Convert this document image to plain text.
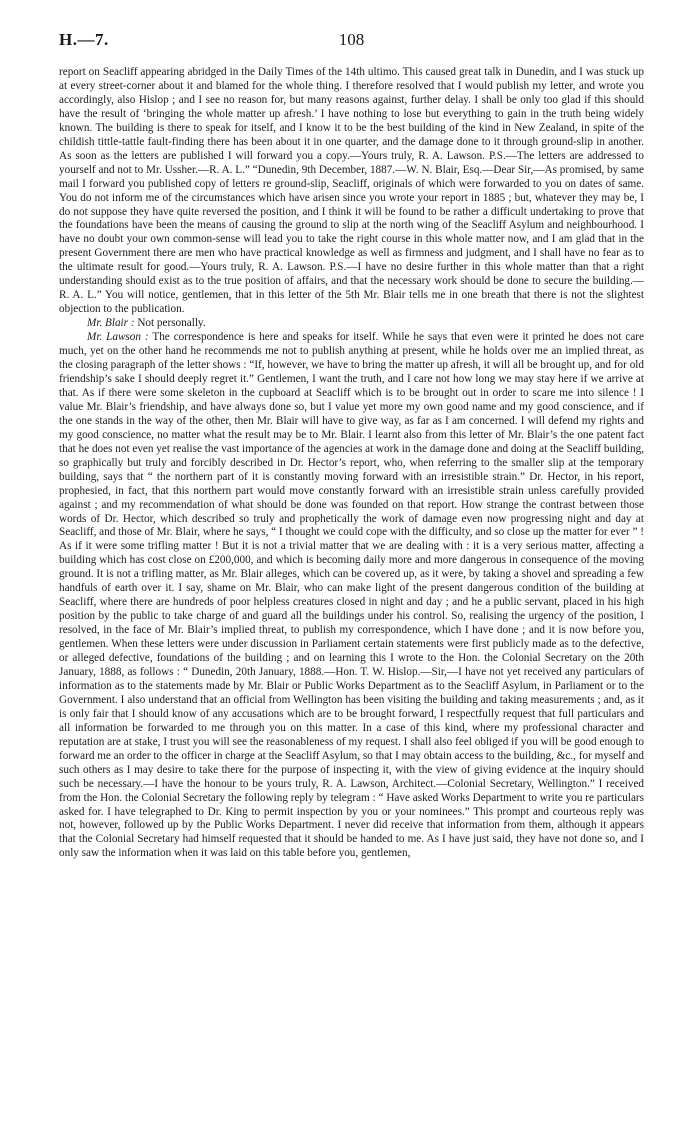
H.—7.	108

report on Seacliff appearing abridged in the Daily Times of the 14th ultimo. This caused great talk in Dunedin, and I was stuck up at every street-corner about it and blamed for the whole thing. I therefore resolved that I would publish my letter, and wrote you accordingly, also Hislop ; and I see no reason for, but many reasons against, further delay. I shall be only too glad if this should have the result of ‘bringing the whole matter up afresh.’ I have nothing to lose but everything to gain in the truth being widely known. The building is there to speak for itself, and I know it to be the best building of the kind in New Zealand, in spite of the childish tittle-tattle fault-finding there has been about it in one quarter, and the damage done to it through ground-slip in another. As soon as the letters are published I will forward you a copy.—Yours truly, R. A. Lawson. P.S.—The letters are addressed to yourself and not to Mr. Ussher.—R. A. L.” “Dunedin, 9th December, 1887.—W. N. Blair, Esq.—Dear Sir,—As promised, by same mail I forward you published copy of letters re ground-slip, Seacliff, originals of which were forwarded to you on dates of same. You do not inform me of the circumstances which have arisen since you wrote your report in 1885 ; but, whatever they may be, I do not suppose they have quite reversed the position, and I think it will be found to be rather a difficult undertaking to prove that the foundations have been the means of causing the ground to slip at the north wing of the Seacliff Asylum and neighbourhood. I have no doubt your own common-sense will lead you to take the right course in this whole matter now, and I am glad that in the present Government there are men who have practical knowledge as well as firmness and judgment, and I shall have no fear as to the ultimate result for good.—Yours truly, R. A. Lawson. P.S.—I have no desire further in this whole matter than that a right understanding should exist as to the true position of affairs, and that the necessary work should be done to secure the building.—R. A. L.” You will notice, gentlemen, that in this letter of the 5th Mr. Blair tells me in one breath that there is not the slightest objection to the publication.

Mr. Blair : Not personally.

Mr. Lawson : The correspondence is here and speaks for itself. While he says that even were it printed he does not care much, yet on the other hand he recommends me not to publish anything at present, while he holds over me an implied threat, as the closing paragraph of the letter shows : “If, however, we have to bring the matter up afresh, it will all be brought up, and for old friendship’s sake I should deeply regret it.” Gentlemen, I want the truth, and I care not how long we may stay here if we arrive at that. As if there were some skeleton in the cupboard at Seacliff which is to be brought out in order to scare me into silence ! I value Mr. Blair’s friendship, and have always done so, but I value yet more my own good name and my good conscience, and if the one stands in the way of the other, then Mr. Blair will have to give way, as far as I am concerned. I will defend my rights and my good conscience, no matter what the result may be to Mr. Blair. I learnt also from this letter of Mr. Blair’s the one patent fact that he does not even yet realise the vast importance of the agencies at work in the damage done and doing at the Seacliff building, so graphically but truly and forcibly described in Dr. Hector’s report, who, when referring to the smaller slip at the temporary building, says that “ the northern part of it is constantly moving forward with an irresistible strain.” Dr. Hector, in his report, prophesied, in fact, that this northern part would move constantly forward with an irresistible strain unless carefully provided against ; and my recommendation of what should be done was founded on that report. How strange the contrast between those words of Dr. Hector, which described so truly and prophetically the work of damage even now progressing night and day at Seacliff, and those of Mr. Blair, where he says, “ I thought we could cope with the difficulty, and so close up the matter for ever ” ! As if it were some trifling matter ! But it is not a trivial matter that we are dealing with : it is a very serious matter, affecting a building which has cost close on £200,000, and which is becoming daily more and more dangerous in consequence of the moving ground. It is not a trifling matter, as Mr. Blair alleges, which can be covered up, as it were, by taking a shovel and spreading a few handfuls of earth over it. I say, shame on Mr. Blair, who can make light of the present dangerous condition of the building at Seacliff, where there are hundreds of poor helpless creatures closed in night and day ; and he a public servant, placed in his high position by the public to take charge of and guard all the buildings under his control. So, realising the urgency of the position, I resolved, in the face of Mr. Blair’s implied threat, to publish my correspondence, which I have done ; and it is now before you, gentlemen. When these letters were under discussion in Parliament certain statements were first publicly made as to the defective, or alleged defective, foundations of the building ; and on learning this I wrote to the Hon. the Colonial Secretary on the 20th January, 1888, as follows : “ Dunedin, 20th January, 1888.—Hon. T. W. Hislop.—Sir,—I have not yet received any particulars of information as to the statements made by Mr. Blair or Public Works Department as to the Seacliff Asylum, in Parliament or to the Government. I also understand that an official from Wellington has been visiting the building and taking measurements ; and, as it is only fair that I should know of any accusations which are to be brought forward, I respectfully request that full particulars and all information be forwarded to me through you on this matter. In a case of this kind, where my professional character and reputation are at stake, I trust you will see the reasonableness of my request. I shall also feel obliged if you will be good enough to forward me an order to the officer in charge at the Seacliff Asylum, so that I may obtain access to the building, &c., for myself and such others as I may desire to take there for the purpose of inspecting it, with the view of giving evidence at the inquiry should such be necessary.—I have the honour to be yours truly, R. A. Lawson, Architect.—Colonial Secretary, Wellington.” I received from the Hon. the Colonial Secretary the following reply by telegram : “ Have asked Works Department to write you re particulars asked for. I have telegraphed to Dr. King to permit inspection by you or your nominees.” This prompt and courteous reply was not, however, followed up by the Public Works Department. I never did receive that information from them, although it appears that the Colonial Secretary had himself requested that it should be handed to me. As I have just said, they have not done so, and I only saw the information when it was laid on this table before you, gentlemen,
